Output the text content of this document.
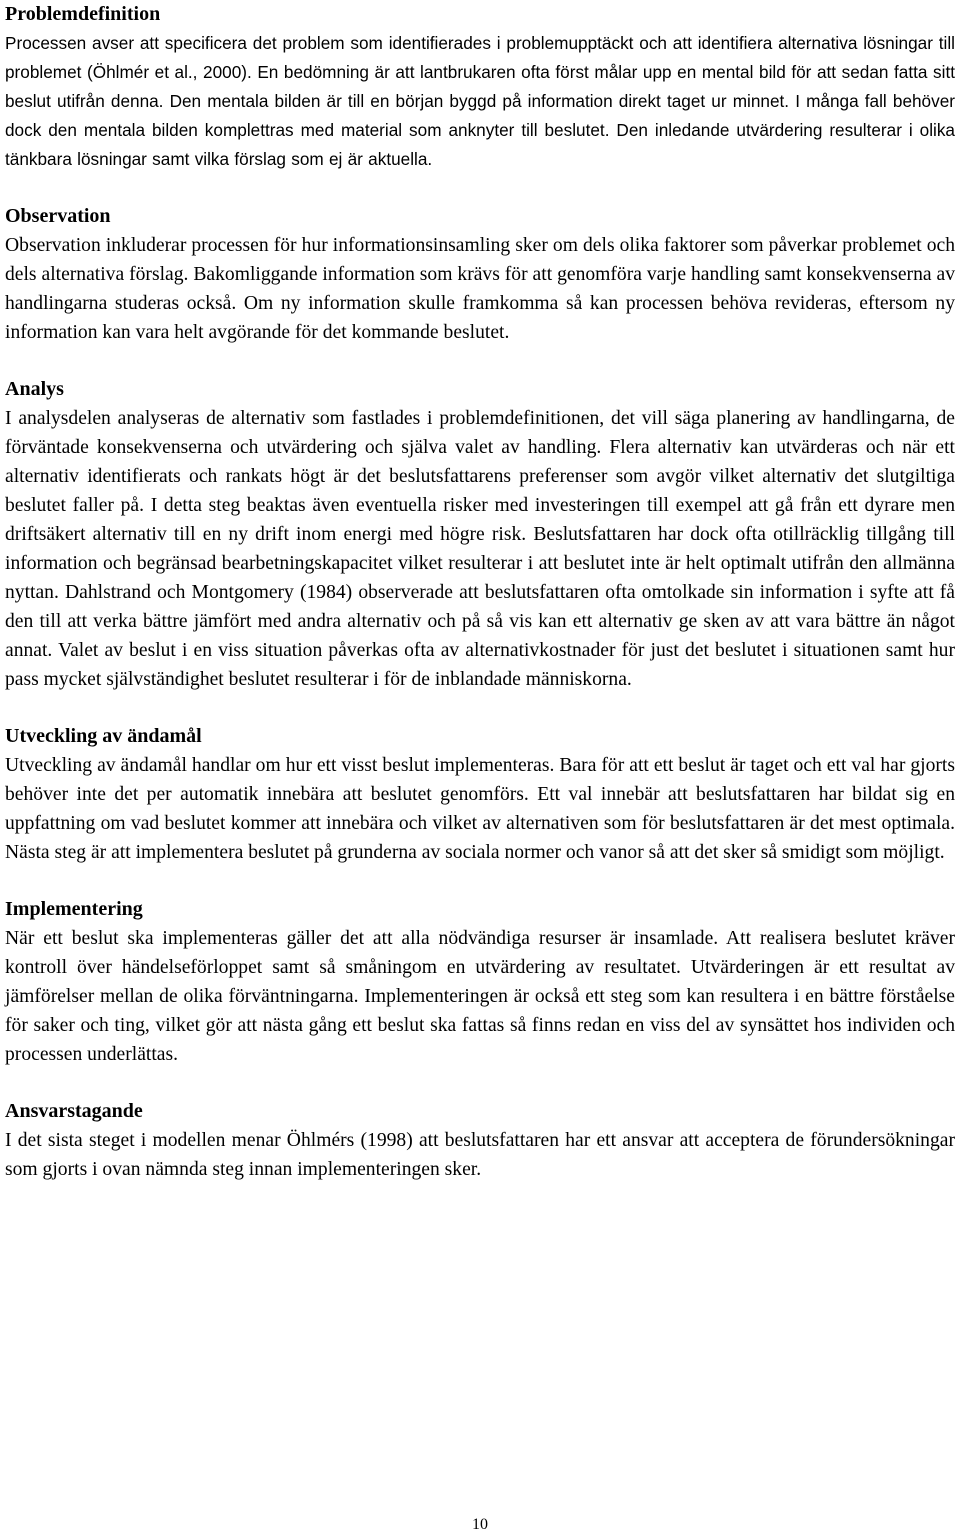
Problemdefinition
Processen avser att specificera det problem som identifierades i problemupptäckt och att identifiera alternativa lösningar till problemet (Öhlmér et al., 2000). En bedömning är att lantbrukaren ofta först målar upp en mental bild för att sedan fatta sitt beslut utifrån denna. Den mentala bilden är till en början byggd på information direkt taget ur minnet. I många fall behöver dock den mentala bilden komplettras med material som anknyter till beslutet. Den inledande utvärdering resulterar i olika tänkbara lösningar samt vilka förslag som ej är aktuella.
Observation
Observation inkluderar processen för hur informationsinsamling sker om dels olika faktorer som påverkar problemet och dels alternativa förslag. Bakomliggande information som krävs för att genomföra varje handling samt konsekvenserna av handlingarna studeras också. Om ny information skulle framkomma så kan processen behöva revideras, eftersom ny information kan vara helt avgörande för det kommande beslutet.
Analys
I analysdelen analyseras de alternativ som fastlades i problemdefinitionen, det vill säga planering av handlingarna, de förväntade konsekvenserna och utvärdering och själva valet av handling. Flera alternativ kan utvärderas och när ett alternativ identifierats och rankats högt är det beslutsfattarens preferenser som avgör vilket alternativ det slutgiltiga beslutet faller på. I detta steg beaktas även eventuella risker med investeringen till exempel att gå från ett dyrare men driftsäkert alternativ till en ny drift inom energi med högre risk. Beslutsfattaren har dock ofta otillräcklig tillgång till information och begränsad bearbetningskapacitet vilket resulterar i att beslutet inte är helt optimalt utifrån den allmänna nyttan. Dahlstrand och Montgomery (1984) observerade att beslutsfattaren ofta omtolkade sin information i syfte att få den till att verka bättre jämfört med andra alternativ och på så vis kan ett alternativ ge sken av att vara bättre än något annat. Valet av beslut i en viss situation påverkas ofta av alternativkostnader för just det beslutet i situationen samt hur pass mycket självständighet beslutet resulterar i för de inblandade människorna.
Utveckling av ändamål
Utveckling av ändamål handlar om hur ett visst beslut implementeras. Bara för att ett beslut är taget och ett val har gjorts behöver inte det per automatik innebära att beslutet genomförs. Ett val innebär att beslutsfattaren har bildat sig en uppfattning om vad beslutet kommer att innebära och vilket av alternativen som för beslutsfattaren är det mest optimala. Nästa steg är att implementera beslutet på grunderna av sociala normer och vanor så att det sker så smidigt som möjligt.
Implementering
När ett beslut ska implementeras gäller det att alla nödvändiga resurser är insamlade. Att realisera beslutet kräver kontroll över händelseförloppet samt så småningom en utvärdering av resultatet. Utvärderingen är ett resultat av jämförelser mellan de olika förväntningarna. Implementeringen är också ett steg som kan resultera i en bättre förståelse för saker och ting, vilket gör att nästa gång ett beslut ska fattas så finns redan en viss del av synsättet hos individen och processen underlättas.
Ansvarstagande
I det sista steget i modellen menar Öhlmérs (1998) att beslutsfattaren har ett ansvar att acceptera de förundersökningar som gjorts i ovan nämnda steg innan implementeringen sker.
10
